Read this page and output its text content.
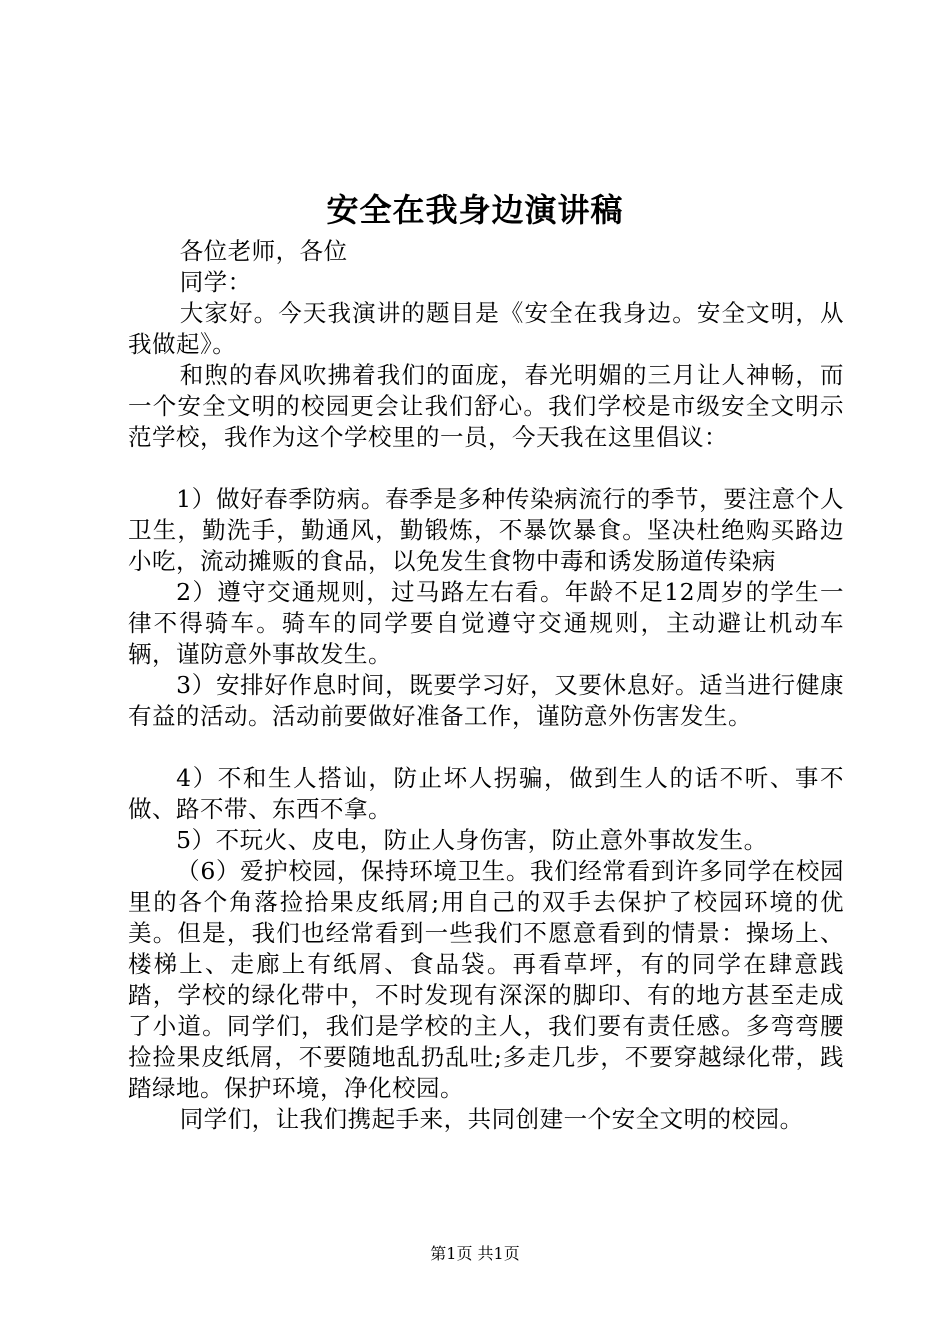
安全在我身边演讲稿

各位老师，各位

同学：

大家好。今天我演讲的题目是《安全在我身边。安全文明，从我做起》。

和煦的春风吹拂着我们的面庞，春光明媚的三月让人神畅，而一个安全文明的校园更会让我们舒心。我们学校是市级安全文明示范学校，我作为这个学校里的一员，今天我在这里倡议：

1）做好春季防病。春季是多种传染病流行的季节，要注意个人卫生，勤洗手，勤通风，勤锻炼，不暴饮暴食。坚决杜绝购买路边小吃，流动摊贩的食品，以免发生食物中毒和诱发肠道传染病

2）遵守交通规则，过马路左右看。年龄不足12周岁的学生一律不得骑车。骑车的同学要自觉遵守交通规则，主动避让机动车辆，谨防意外事故发生。

3）安排好作息时间，既要学习好，又要休息好。适当进行健康有益的活动。活动前要做好准备工作，谨防意外伤害发生。

4）不和生人搭讪，防止坏人拐骗，做到生人的话不听、事不做、路不带、东西不拿。

5）不玩火、皮电，防止人身伤害，防止意外事故发生。

（6）爱护校园，保持环境卫生。我们经常看到许多同学在校园里的各个角落捡拾果皮纸屑;用自己的双手去保护了校园环境的优美。但是，我们也经常看到一些我们不愿意看到的情景：操场上、楼梯上、走廊上有纸屑、食品袋。再看草坪，有的同学在肆意践踏，学校的绿化带中，不时发现有深深的脚印、有的地方甚至走成了小道。同学们，我们是学校的主人，我们要有责任感。多弯弯腰捡捡果皮纸屑，不要随地乱扔乱吐;多走几步，不要穿越绿化带，践踏绿地。保护环境，净化校园。

同学们，让我们携起手来，共同创建一个安全文明的校园。

第1页 共1页
